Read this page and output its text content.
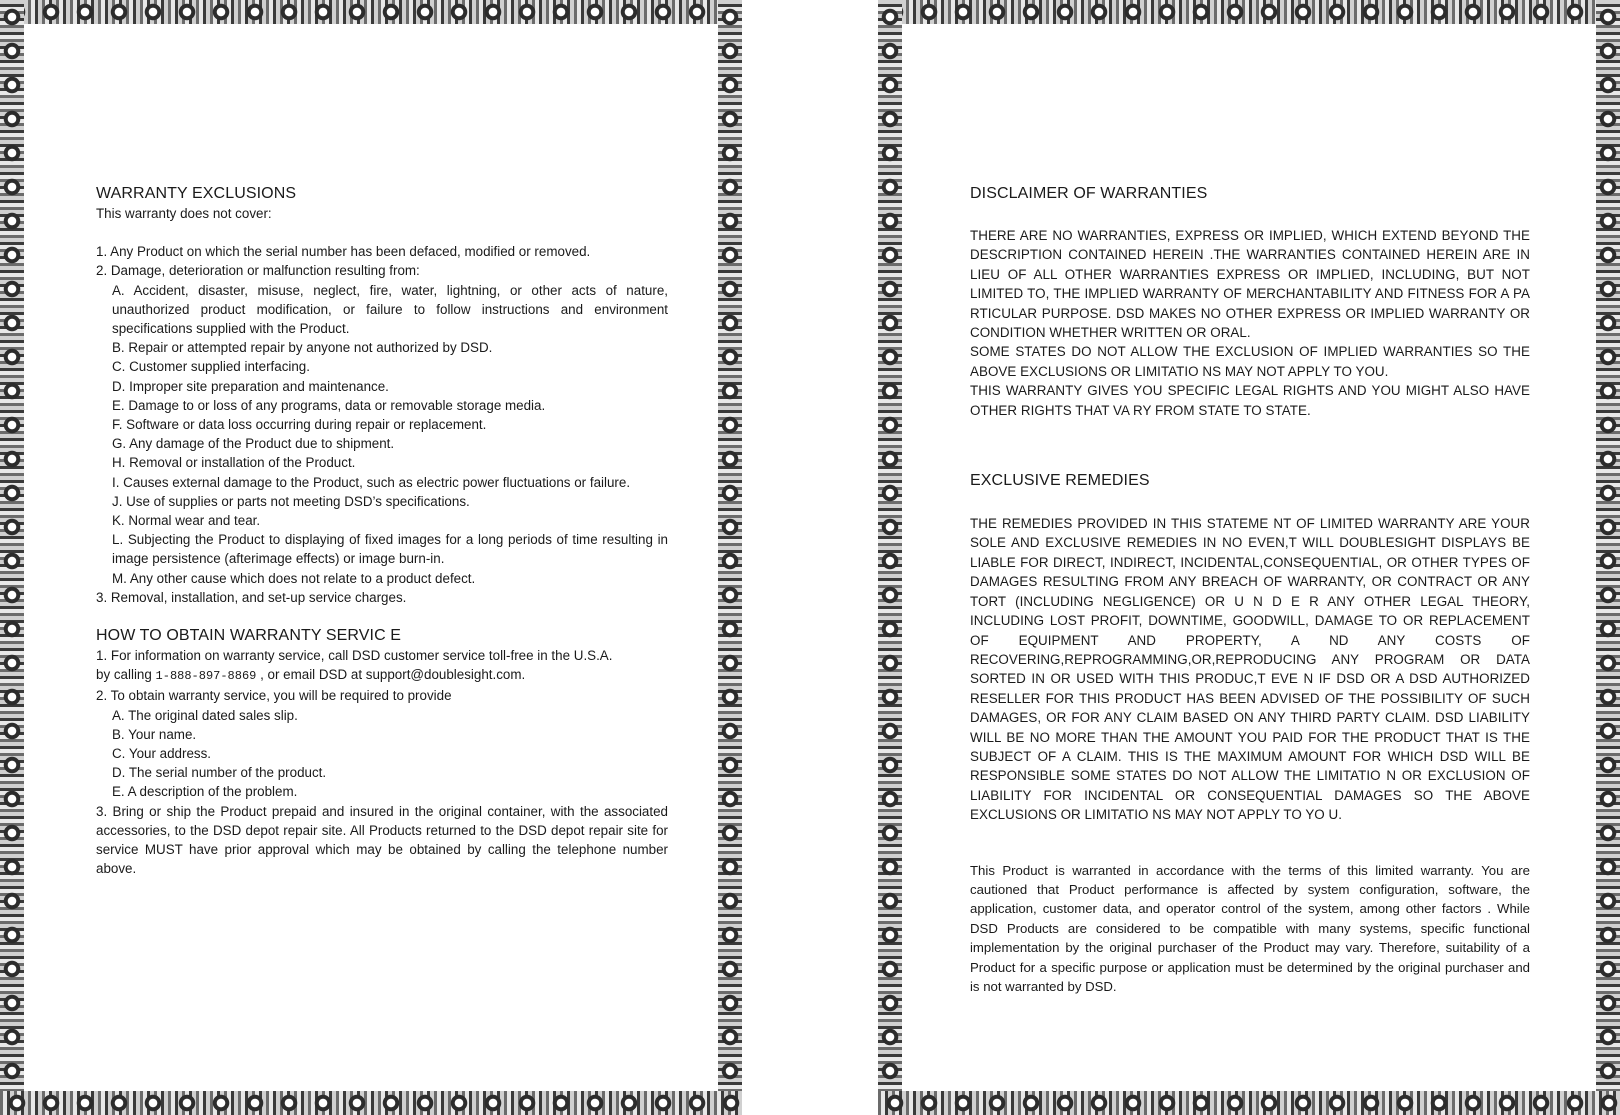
WARRANTY EXCLUSIONS

This warranty does not cover:

1. Any Product on which the serial number has been defaced, modified or removed.

2. Damage, deterioration or malfunction resulting from:

A. Accident, disaster, misuse, neglect, fire, water, lightning, or other acts of nature, unauthorized product modification, or failure to follow instructions and environment specifications supplied with the Product.

B. Repair or attempted repair by anyone not authorized by DSD.

C. Customer supplied interfacing.

D. Improper site preparation and maintenance.

E. Damage to or loss of any programs, data or removable storage media.

F. Software or data loss occurring during repair or replacement.

G. Any damage of the Product due to shipment.

H. Removal or installation of the Product.

I. Causes external damage to the Product, such as electric power fluctuations or failure.

J. Use of supplies or parts not meeting DSD’s specifications.

K. Normal wear and tear.

L. Subjecting the Product to displaying of fixed images for a long periods of time resulting in image persistence (afterimage effects) or image burn-in.

M. Any other cause which does not relate to a product defect.

3. Removal, installation, and set-up service charges.

HOW TO OBTAIN WARRANTY SERVIC E

1. For information on warranty service, call DSD customer service toll-free in the U.S.A.

by calling 1-888-897-8869 , or email DSD at support@doublesight.com.

2. To obtain warranty service, you will be required to provide

A. The original dated sales slip.

B. Your name.

C. Your address.

D. The serial number of the product.

E. A description of the problem.

3. Bring or ship the Product prepaid and insured in the original container, with the associated accessories, to the DSD depot repair site. All Products returned to the DSD depot repair site for service MUST have prior approval which may be obtained by calling the telephone number above.

DISCLAIMER OF WARRANTIES

THERE ARE NO WARRANTIES, EXPRESS OR IMPLIED, WHICH EXTEND BEYOND THE DESCRIPTION CONTAINED HEREIN .THE WARRANTIES CONTAINED HEREIN ARE IN LIEU OF ALL OTHER WARRANTIES EXPRESS OR IMPLIED, INCLUDING, BUT NOT LIMITED TO, THE IMPLIED WARRANTY OF MERCHANTABILITY AND FITNESS FOR A PA RTICULAR PURPOSE. DSD MAKES NO OTHER EXPRESS OR IMPLIED WARRANTY OR CONDITION WHETHER WRITTEN OR ORAL.

SOME STATES DO NOT ALLOW THE EXCLUSION OF IMPLIED WARRANTIES SO THE ABOVE EXCLUSIONS OR LIMITATIO NS MAY NOT APPLY TO YOU.

THIS WARRANTY GIVES YOU SPECIFIC LEGAL RIGHTS AND YOU MIGHT ALSO HAVE OTHER RIGHTS THAT VA RY FROM STATE TO STATE.

EXCLUSIVE REMEDIES

THE REMEDIES PROVIDED IN THIS STATEME NT OF LIMITED WARRANTY ARE YOUR SOLE AND EXCLUSIVE REMEDIES IN NO EVEN,T WILL DOUBLESIGHT DISPLAYS BE LIABLE FOR DIRECT, INDIRECT, INCIDENTAL,CONSEQUENTIAL, OR OTHER TYPES OF DAMAGES RESULTING FROM ANY BREACH OF WARRANTY, OR CONTRACT OR ANY TORT (INCLUDING NEGLIGENCE) OR U N D E R ANY OTHER LEGAL THEORY, INCLUDING LOST PROFIT, DOWNTIME, GOODWILL, DAMAGE TO OR REPLACEMENT OF EQUIPMENT AND PROPERTY, A ND ANY COSTS OF RECOVERING,REPROGRAMMING,OR,REPRODUCING ANY PROGRAM OR DATA SORTED IN OR USED WITH THIS PRODUC,T EVE N IF DSD OR A DSD AUTHORIZED RESELLER FOR THIS PRODUCT HAS BEEN ADVISED OF THE POSSIBILITY OF SUCH DAMAGES, OR FOR ANY CLAIM BASED ON ANY THIRD PARTY CLAIM. DSD LIABILITY WILL BE NO MORE THAN THE AMOUNT YOU PAID FOR THE PRODUCT THAT IS THE SUBJECT OF A CLAIM. THIS IS THE MAXIMUM AMOUNT FOR WHICH DSD WILL BE RESPONSIBLE SOME STATES DO NOT ALLOW THE LIMITATIO N OR EXCLUSION OF LIABILITY FOR INCIDENTAL OR CONSEQUENTIAL DAMAGES SO THE ABOVE EXCLUSIONS OR LIMITATIO NS MAY NOT APPLY TO YO U.

This Product is warranted in accordance with the terms of this limited warranty. You are cautioned that Product performance is affected by system configuration, software, the application, customer data, and operator control of the system, among other factors . While DSD Products are considered to be compatible with many systems, specific functional implementation by the original purchaser of the Product may vary. Therefore, suitability of a Product for a specific purpose or application must be determined by the original purchaser and is not warranted by DSD.
